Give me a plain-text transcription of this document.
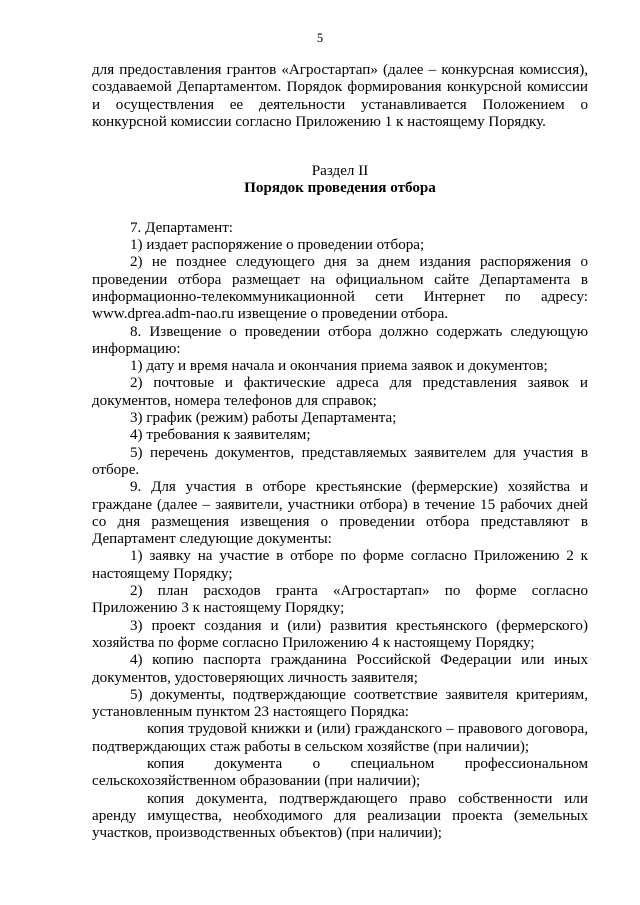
5

для предоставления грантов «Агростартап» (далее – конкурсная комиссия), создаваемой Департаментом. Порядок формирования конкурсной комиссии и осуществления ее деятельности устанавливается Положением о конкурсной комиссии согласно Приложению 1 к настоящему Порядку.

Раздел II
Порядок проведения отбора

7. Департамент:

1) издает распоряжение о проведении отбора;

2) не позднее следующего дня за днем издания распоряжения о проведении отбора размещает на официальном сайте Департамента в информационно-телекоммуникационной сети Интернет по адресу: www.dprea.adm-nao.ru извещение о проведении отбора.

8. Извещение о проведении отбора должно содержать следующую информацию:

1) дату и время начала и окончания приема заявок и документов;

2) почтовые и фактические адреса для представления заявок и документов, номера телефонов для справок;

3) график (режим) работы Департамента;

4) требования к заявителям;

5) перечень документов, представляемых заявителем для участия в отборе.

9. Для участия в отборе крестьянские (фермерские) хозяйства и граждане (далее – заявители, участники отбора) в течение 15 рабочих дней со дня размещения извещения о проведении отбора представляют в Департамент следующие документы:

1) заявку на участие в отборе по форме согласно Приложению 2 к настоящему Порядку;

2) план расходов гранта «Агростартап» по форме согласно Приложению 3 к настоящему Порядку;

3) проект создания и (или) развития крестьянского (фермерского) хозяйства по форме согласно Приложению 4 к настоящему Порядку;

4) копию паспорта гражданина Российской Федерации или иных документов, удостоверяющих личность заявителя;

5) документы, подтверждающие соответствие заявителя критериям, установленным пунктом 23 настоящего Порядка:

копия трудовой книжки и (или) гражданского – правового договора, подтверждающих стаж работы в сельском хозяйстве (при наличии);

копия документа о специальном профессиональном сельскохозяйственном образовании (при наличии);

копия документа, подтверждающего право собственности или аренду имущества, необходимого для реализации проекта (земельных участков, производственных объектов) (при наличии);
